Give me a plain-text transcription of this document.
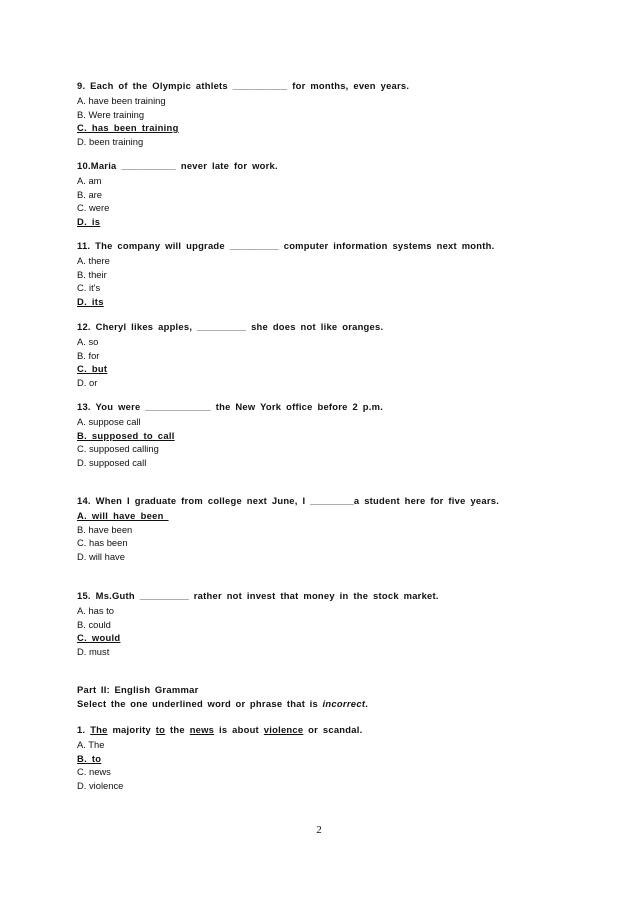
9. Each of the Olympic athlets __________ for months, even years.
A. have been training
B. Were training
C. has been training
D. been training
10.Maria __________ never late for work.
A. am
B. are
C. were
D. is
11. The company will upgrade _________ computer information systems next month.
A. there
B. their
C. it's
D. its
12. Cheryl likes apples, _________ she does not like oranges.
A. so
B. for
C. but
D. or
13. You were ____________ the New York office before 2 p.m.
A. suppose call
B. supposed to call
C. supposed calling
D. supposed call
14. When I graduate from college next June, I ________a student here for five years.
A. will have been
B. have been
C. has been
D. will have
15. Ms.Guth _________ rather not invest that money in the stock market.
A. has to
B. could
C. would
D. must
Part II: English Grammar
Select the one underlined word or phrase that is incorrect.
1. The majority to the news is about violence or scandal.
A. The
B. to
C. news
D. violence
2
